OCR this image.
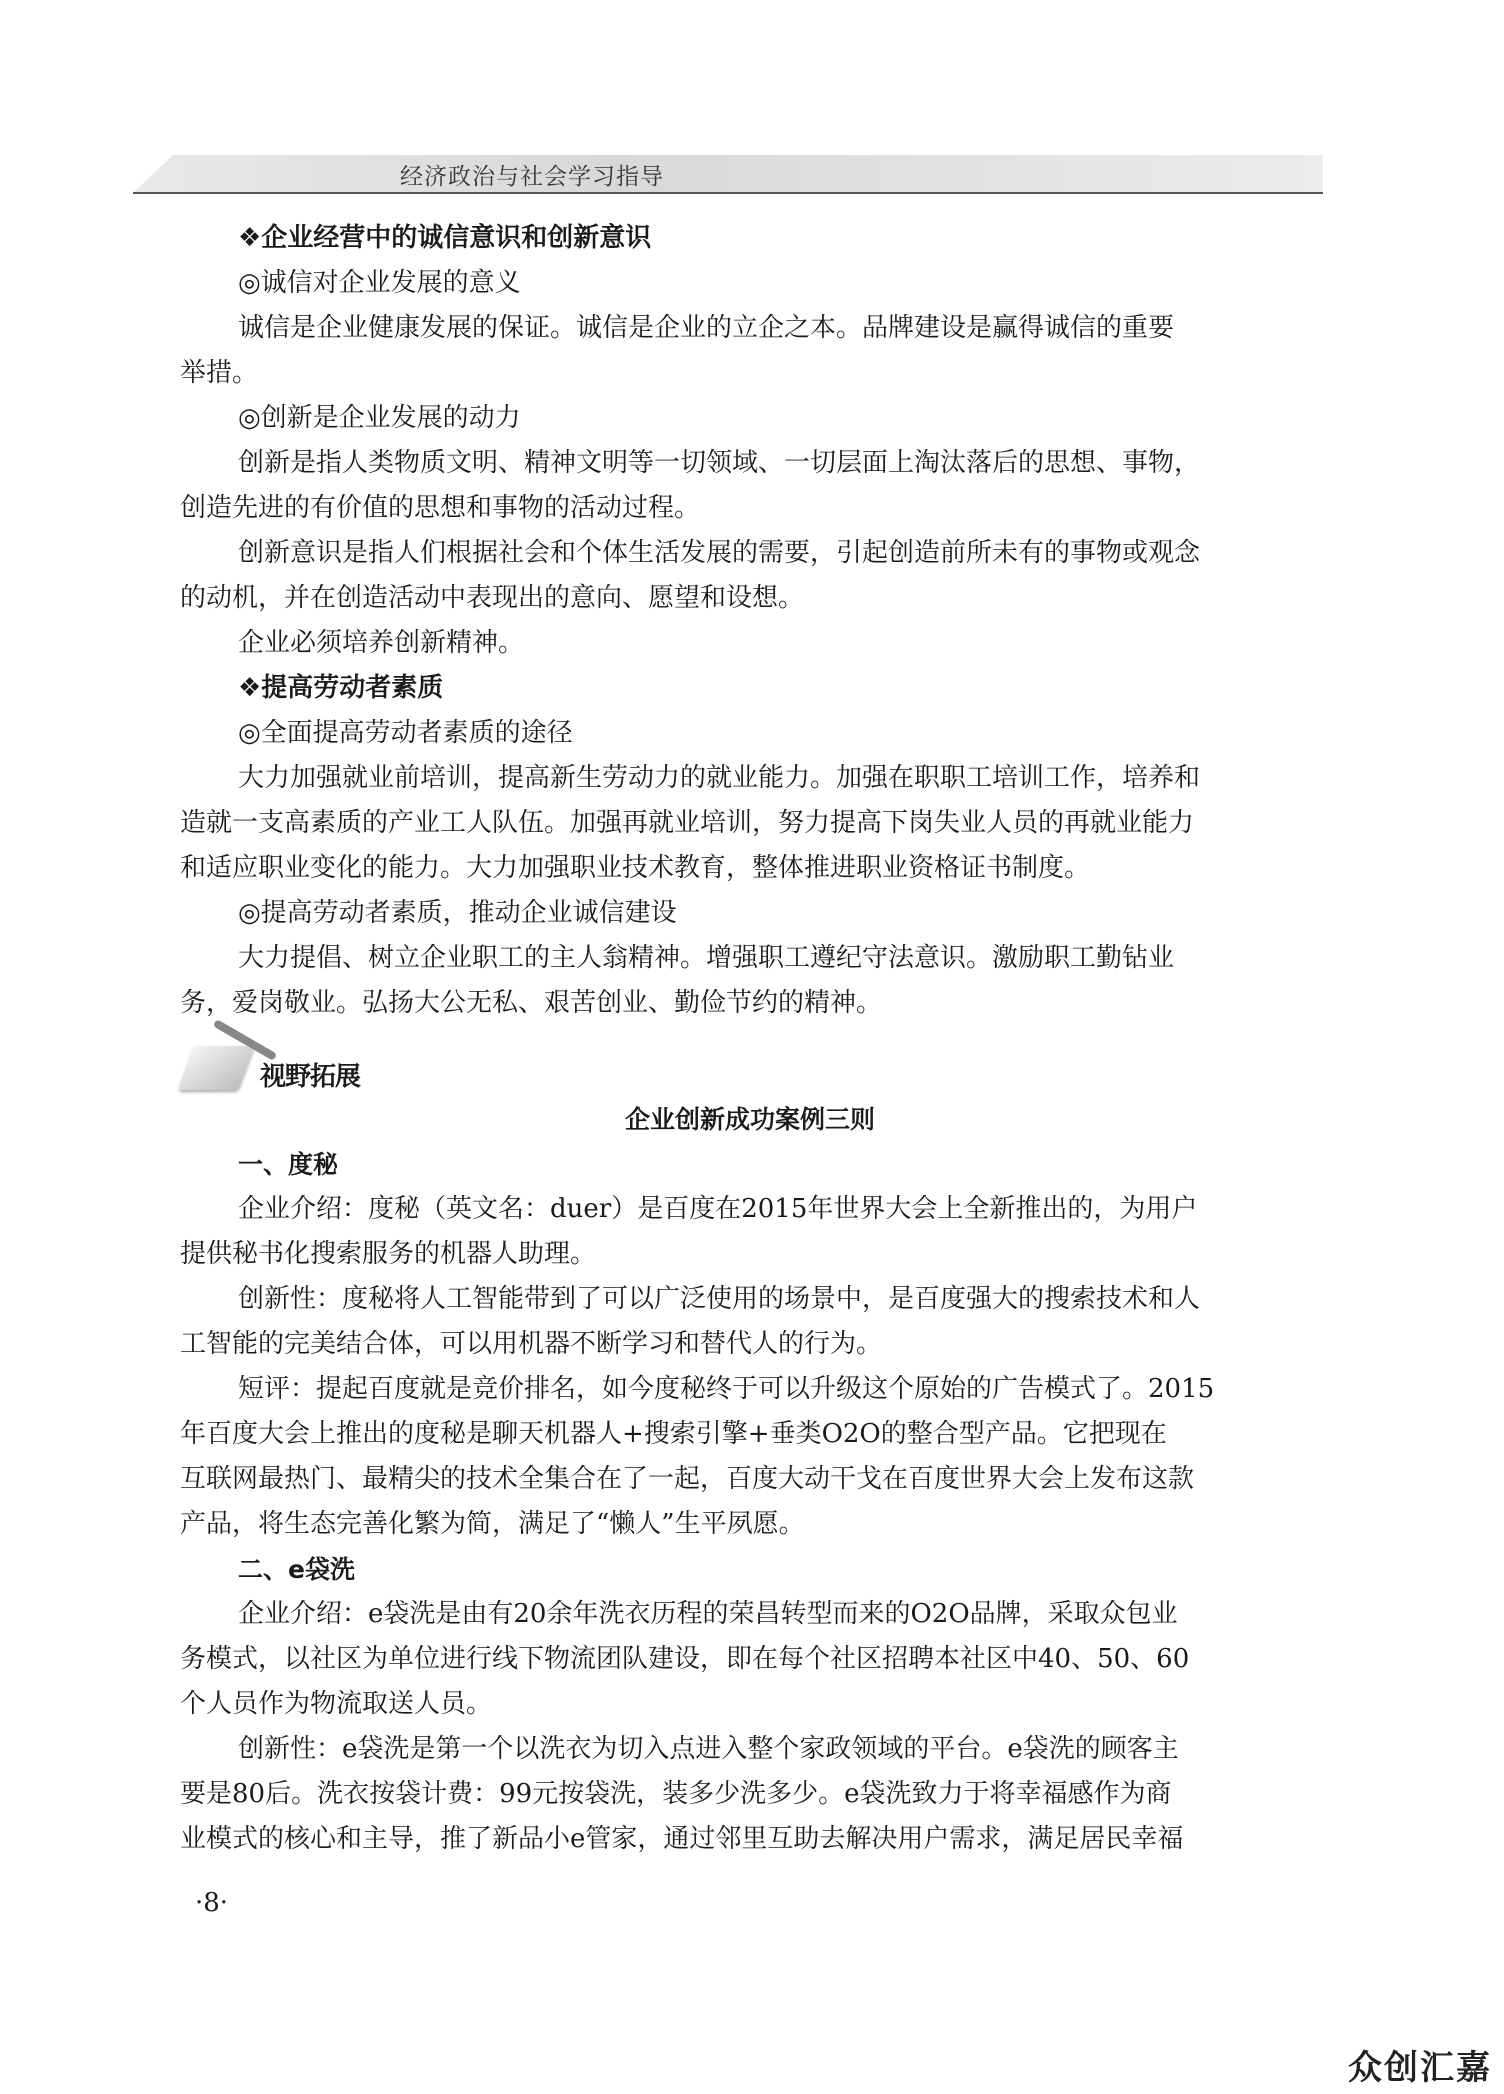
经济政治与社会学习指导
❖企业经营中的诚信意识和创新意识
◎诚信对企业发展的意义
诚信是企业健康发展的保证。诚信是企业的立企之本。品牌建设是赢得诚信的重要
举措。
◎创新是企业发展的动力
创新是指人类物质文明、精神文明等一切领域、一切层面上淘汰落后的思想、事物，
创造先进的有价值的思想和事物的活动过程。
创新意识是指人们根据社会和个体生活发展的需要，引起创造前所未有的事物或观念
的动机，并在创造活动中表现出的意向、愿望和设想。
企业必须培养创新精神。
❖提高劳动者素质
◎全面提高劳动者素质的途径
大力加强就业前培训，提高新生劳动力的就业能力。加强在职职工培训工作，培养和
造就一支高素质的产业工人队伍。加强再就业培训，努力提高下岗失业人员的再就业能力
和适应职业变化的能力。大力加强职业技术教育，整体推进职业资格证书制度。
◎提高劳动者素质，推动企业诚信建设
大力提倡、树立企业职工的主人翁精神。增强职工遵纪守法意识。激励职工勤钻业
务，爱岗敬业。弘扬大公无私、艰苦创业、勤俭节约的精神。
视野拓展
企业创新成功案例三则
一、度秘
企业介绍：度秘（英文名：duer）是百度在2015年世界大会上全新推出的，为用户
提供秘书化搜索服务的机器人助理。
创新性：度秘将人工智能带到了可以广泛使用的场景中，是百度强大的搜索技术和人
工智能的完美结合体，可以用机器不断学习和替代人的行为。
短评：提起百度就是竞价排名，如今度秘终于可以升级这个原始的广告模式了。2015
年百度大会上推出的度秘是聊天机器人+搜索引擎+垂类O2O的整合型产品。它把现在
互联网最热门、最精尖的技术全集合在了一起，百度大动干戈在百度世界大会上发布这款
产品，将生态完善化繁为简，满足了“懒人”生平夙愿。
二、e袋洗
企业介绍：e袋洗是由有20余年洗衣历程的荣昌转型而来的O2O品牌，采取众包业
务模式，以社区为单位进行线下物流团队建设，即在每个社区招聘本社区中40、50、60
个人员作为物流取送人员。
创新性：e袋洗是第一个以洗衣为切入点进入整个家政领域的平台。e袋洗的顾客主
要是80后。洗衣按袋计费：99元按袋洗，装多少洗多少。e袋洗致力于将幸福感作为商
业模式的核心和主导，推了新品小e管家，通过邻里互助去解决用户需求，满足居民幸福
·8·
众创汇嘉
